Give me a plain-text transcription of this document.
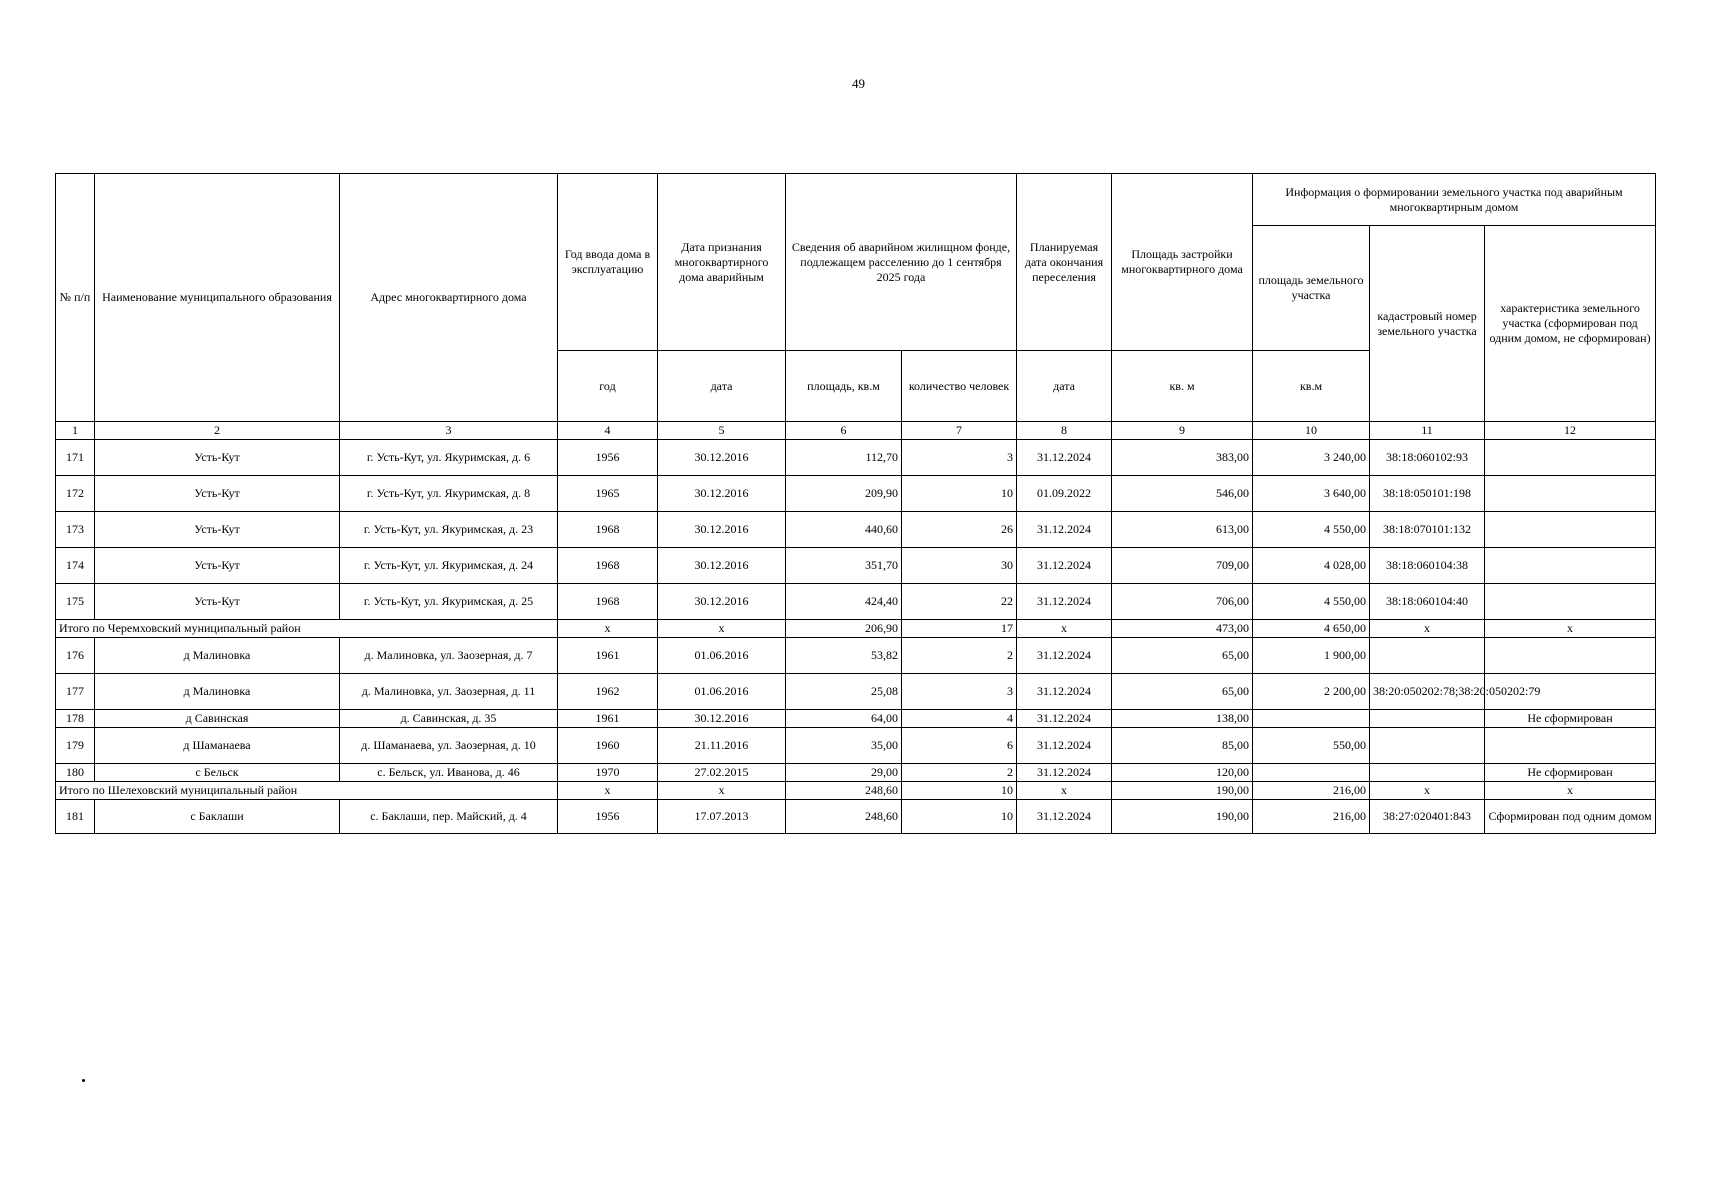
49
№ п/п	Наименование муниципального образования	Адрес многоквартирного дома	Год ввода дома в эксплуатацию	Дата признания многоквартирного дома аварийным	Сведения об аварийном жилищном фонде, подлежащем расселению до 1 сентября 2025 года		Планируемая дата окончания переселения	Площадь застройки многоквартирного дома	Информация о формировании земельного участка под аварийным многоквартирным домом		
									площадь земельного участка	кадастровый номер земельного участка	характеристика земельного участка (сформирован под одним домом, не сформирован)
			год	дата	площадь, кв.м	количество человек	дата	кв. м	кв.м		
1	2	3	4	5	6	7	8	9	10	11	12
171	Усть-Кут	г. Усть-Кут, ул. Якуримская, д. 6	1956	30.12.2016	112,70	3	31.12.2024	383,00	3 240,00	38:18:060102:93	
172	Усть-Кут	г. Усть-Кут, ул. Якуримская, д. 8	1965	30.12.2016	209,90	10	01.09.2022	546,00	3 640,00	38:18:050101:198	
173	Усть-Кут	г. Усть-Кут, ул. Якуримская, д. 23	1968	30.12.2016	440,60	26	31.12.2024	613,00	4 550,00	38:18:070101:132	
174	Усть-Кут	г. Усть-Кут, ул. Якуримская, д. 24	1968	30.12.2016	351,70	30	31.12.2024	709,00	4 028,00	38:18:060104:38	
175	Усть-Кут	г. Усть-Кут, ул. Якуримская, д. 25	1968	30.12.2016	424,40	22	31.12.2024	706,00	4 550,00	38:18:060104:40	
Итого по Черемховский муниципальный район			x	x	206,90	17	x	473,00	4 650,00	x	x
176	д Малиновка	д. Малиновка, ул. Заозерная, д. 7	1961	01.06.2016	53,82	2	31.12.2024	65,00	1 900,00		
177	д Малиновка	д. Малиновка, ул. Заозерная, д. 11	1962	01.06.2016	25,08	3	31.12.2024	65,00	2 200,00	38:20:050202:78;38:20:050202:79	
178	д Савинская	д. Савинская, д. 35	1961	30.12.2016	64,00	4	31.12.2024	138,00			Не сформирован
179	д Шаманаева	д. Шаманаева, ул. Заозерная, д. 10	1960	21.11.2016	35,00	6	31.12.2024	85,00	550,00		
180	с Бельск	с. Бельск, ул. Иванова, д. 46	1970	27.02.2015	29,00	2	31.12.2024	120,00			Не сформирован
Итого по Шелеховский муниципальный район			x	x	248,60	10	x	190,00	216,00	x	x
181	с Баклаши	с. Баклаши, пер. Майский, д. 4	1956	17.07.2013	248,60	10	31.12.2024	190,00	216,00	38:27:020401:843	Сформирован под одним домом
